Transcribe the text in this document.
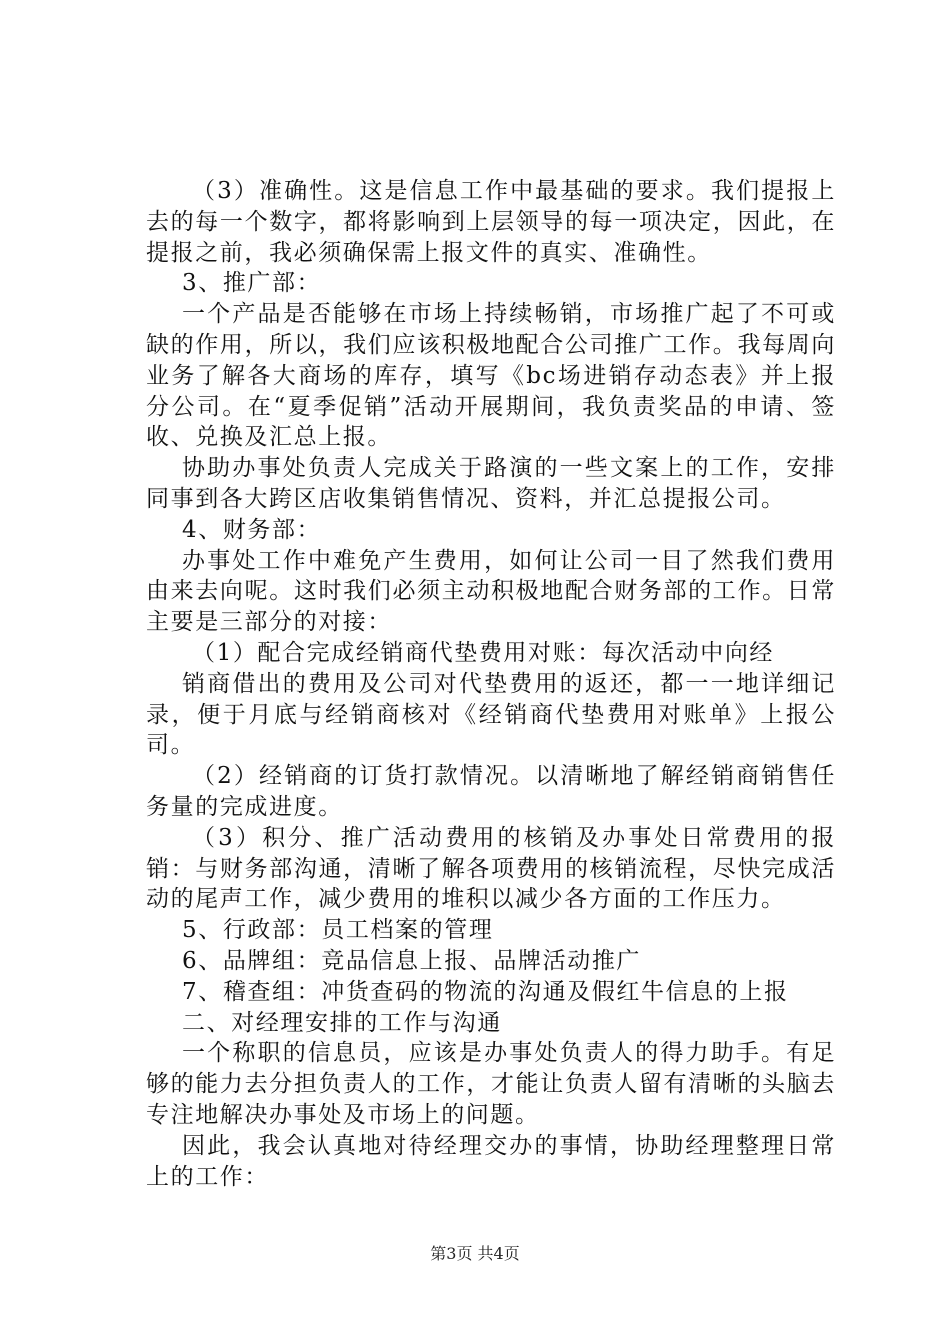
（3）准确性。这是信息工作中最基础的要求。我们提报上去的每一个数字，都将影响到上层领导的每一项决定，因此，在提报之前，我必须确保需上报文件的真实、准确性。

3、推广部：

一个产品是否能够在市场上持续畅销，市场推广起了不可或缺的作用，所以，我们应该积极地配合公司推广工作。我每周向业务了解各大商场的库存，填写《bc场进销存动态表》并上报分公司。在“夏季促销”活动开展期间，我负责奖品的申请、签收、兑换及汇总上报。

协助办事处负责人完成关于路演的一些文案上的工作，安排同事到各大跨区店收集销售情况、资料，并汇总提报公司。

4、财务部：

办事处工作中难免产生费用，如何让公司一目了然我们费用由来去向呢。这时我们必须主动积极地配合财务部的工作。日常主要是三部分的对接：

（1）配合完成经销商代垫费用对账：每次活动中向经

销商借出的费用及公司对代垫费用的返还，都一一地详细记录，便于月底与经销商核对《经销商代垫费用对账单》上报公司。

（2）经销商的订货打款情况。以清晰地了解经销商销售任务量的完成进度。

（3）积分、推广活动费用的核销及办事处日常费用的报销：与财务部沟通，清晰了解各项费用的核销流程，尽快完成活动的尾声工作，减少费用的堆积以减少各方面的工作压力。

5、行政部：员工档案的管理

6、品牌组：竞品信息上报、品牌活动推广

7、稽查组：冲货查码的物流的沟通及假红牛信息的上报

二、对经理安排的工作与沟通

一个称职的信息员，应该是办事处负责人的得力助手。有足够的能力去分担负责人的工作，才能让负责人留有清晰的头脑去专注地解决办事处及市场上的问题。

因此，我会认真地对待经理交办的事情，协助经理整理日常上的工作：

第3页 共4页
